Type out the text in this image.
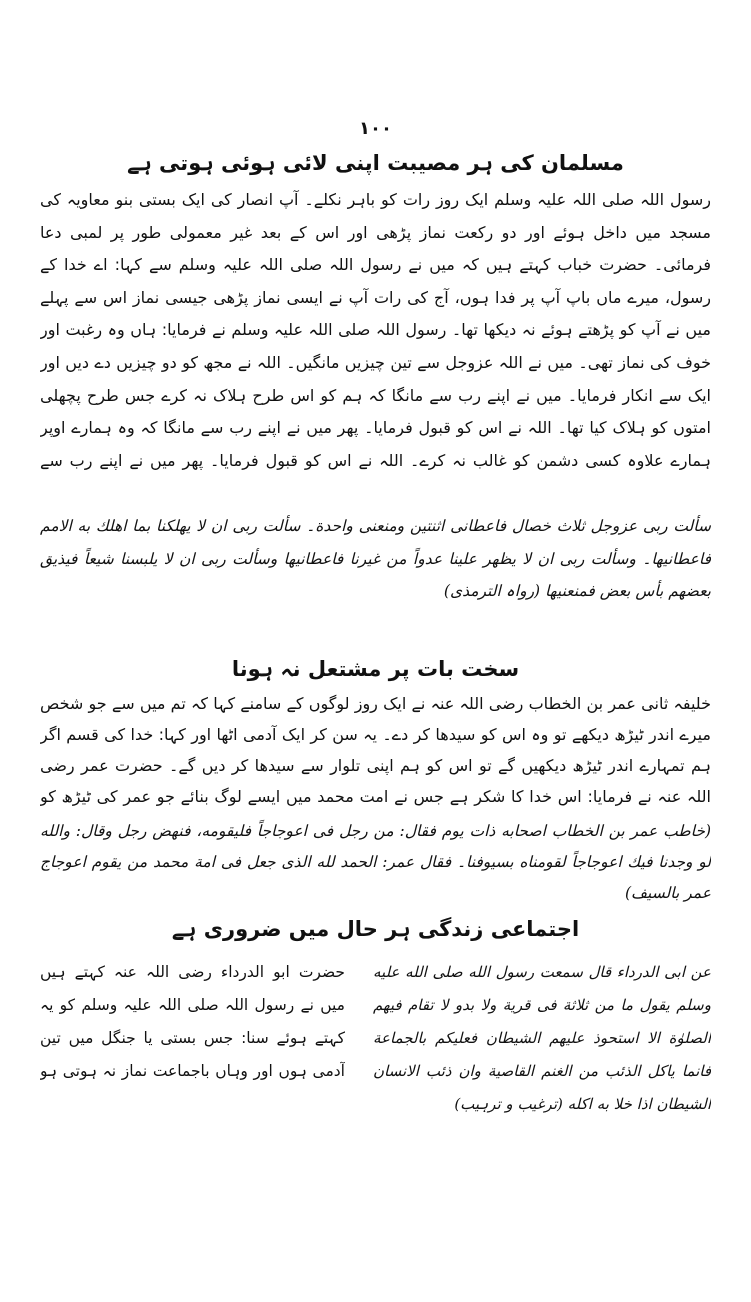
١٠٠
مسلمان کی ہر مصیبت اپنی لائی ہوئی ہوتی ہے

رسول اللہ صلی اللہ علیہ وسلم ایک روز رات کو باہر نکلے۔ آپ انصار کی ایک بستی بنو معاویہ کی مسجد میں داخل ہوئے اور دو رکعت نماز پڑھی اور اس کے بعد غیر معمولی طور پر لمبی دعا فرمائی۔ حضرت خباب کہتے ہیں کہ میں نے رسول اللہ صلی اللہ علیہ وسلم سے کہا: اے خدا کے رسول، میرے ماں باپ آپ پر فدا ہوں، آج کی رات آپ نے ایسی نماز پڑھی جیسی نماز اس سے پہلے میں نے آپ کو پڑھتے ہوئے نہ دیکھا تھا۔ رسول اللہ صلی اللہ علیہ وسلم نے فرمایا: ہاں وہ رغبت اور خوف کی نماز تھی۔ میں نے اللہ عزوجل سے تین چیزیں مانگیں۔ اللہ نے مجھ کو دو چیزیں دے دیں اور ایک سے انکار فرمایا۔ میں نے اپنے رب سے مانگا کہ ہم کو اس طرح ہلاک نہ کرے جس طرح پچھلی امتوں کو ہلاک کیا تھا۔ اللہ نے اس کو قبول فرمایا۔ پھر میں نے اپنے رب سے مانگا کہ وہ ہمارے اوپر ہمارے علاوہ کسی دشمن کو غالب نہ کرے۔ اللہ نے اس کو قبول فرمایا۔ پھر میں نے اپنے رب سے

سألت ربی عزوجل ثلاث خصال فاعطانی اثنتین ومنعنی واحدة۔ سألت ربی ان لا یهلکنا بما اهلك به الامم فاعطانیها۔ وسألت ربی ان لا یظهر علینا عدواً من غیرنا فاعطانیها وسألت ربی ان لا یلبسنا شیعاً فیذیق بعضهم بأس بعض فمنعنیها (رواہ الترمذی)

سخت بات پر مشتعل نہ ہونا

خلیفہ ثانی عمر بن الخطاب رضی اللہ عنہ نے ایک روز لوگوں کے سامنے کہا کہ تم میں سے جو شخص میرے اندر ٹیڑھ دیکھے تو وہ اس کو سیدھا کر دے۔ یہ سن کر ایک آدمی اٹھا اور کہا: خدا کی قسم اگر ہم تمہارے اندر ٹیڑھ دیکھیں گے تو اس کو ہم اپنی تلوار سے سیدھا کر دیں گے۔ حضرت عمر رضی اللہ عنہ نے فرمایا: اس خدا کا شکر ہے جس نے امت محمد میں ایسے لوگ بنائے جو عمر کی ٹیڑھ کو

(خاطب عمر بن الخطاب اصحابه ذات یوم فقال: من رجل فی اعوجاجاً فلیقومه، فنهض رجل وقال: والله لو وجدنا فیك اعوجاجاً لقومناه بسیوفنا۔ فقال عمر: الحمد لله الذی جعل فی امة محمد من یقوم اعوجاج عمر بالسیف)

اجتماعی زندگی ہر حال میں ضروری ہے

عن ابی الدرداء قال سمعت رسول الله صلی الله علیه وسلم یقول ما من ثلاثة فی قریة ولا بدو لا تقام فیهم الصلوٰة الا استحوذ علیهم الشیطان فعلیکم بالجماعة فانما یاکل الذئب من الغنم القاصیة وان ذئب الانسان الشیطان اذا خلا به اکله (ترغیب و ترہیب)

حضرت ابو الدرداء رضی اللہ عنہ کہتے ہیں میں نے رسول اللہ صلی اللہ علیہ وسلم کو یہ کہتے ہوئے سنا: جس بستی یا جنگل میں تین آدمی ہوں اور وہاں باجماعت نماز نہ ہوتی ہو
